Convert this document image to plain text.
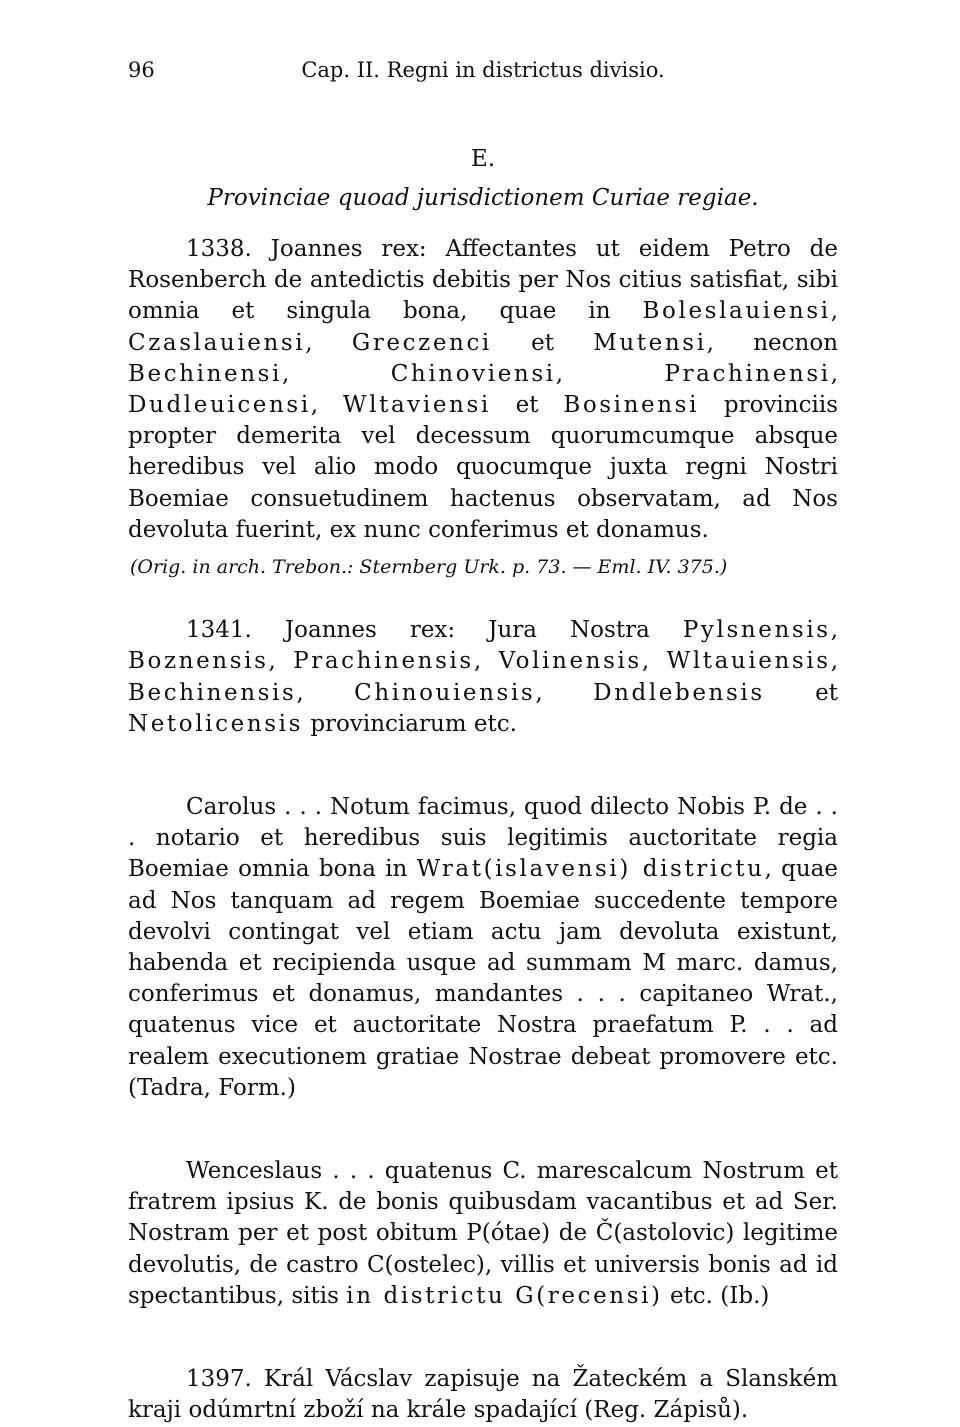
96	Cap. II. Regni in districtus divisio.
E.
Provinciae quoad jurisdictionem Curiae regiae.

1338. Joannes rex: Affectantes ut eidem Petro de Rosenberch de antedictis debitis per Nos citius satisfiat, sibi omnia et singula bona, quae in Boleslauiensi, Czaslauiensi, Greczenci et Mutensi, necnon Bechinensi, Chinoviensi, Prachinensi, Dudleuicensi, Wltaviensi et Bosinensi provinciis propter demerita vel decessum quorumcumque absque heredibus vel alio modo quocumque juxta regni Nostri Boemiae consuetudinem hactenus observatam, ad Nos devoluta fuerint, ex nunc conferimus et donamus.

(Orig. in arch. Trebon.: Sternberg Urk. p. 73. — Eml. IV. 375.)

1341. Joannes rex: Jura Nostra Pylsnensis, Boznensis, Prachinensis, Volinensis, Wltauiensis, Bechinensis, Chinouiensis, Dndlebensis et Netolicensis provinciarum etc.

Carolus . . . Notum facimus, quod dilecto Nobis P. de . . . notario et heredibus suis legitimis auctoritate regia Boemiae omnia bona in Wrat(islavensi) districtu, quae ad Nos tanquam ad regem Boemiae succedente tempore devolvi contingat vel etiam actu jam devoluta existunt, habenda et recipienda usque ad summam M marc. damus, conferimus et donamus, mandantes . . . capitaneo Wrat., quatenus vice et auctoritate Nostra praefatum P. . . ad realem executionem gratiae Nostrae debeat promovere etc. (Tadra, Form.)

Wenceslaus . . . quatenus C. marescalcum Nostrum et fratrem ipsius K. de bonis quibusdam vacantibus et ad Ser. Nostram per et post obitum P(ótae) de Č(astolovic) legitime devolutis, de castro C(ostelec), villis et universis bonis ad id spectantibus, sitis in districtu G(recensi) etc. (Ib.)

1397. Král Vácslav zapisuje na Žateckém a Slanském kraji odúmrtní zboží na krále spadající (Reg. Zápisů).
